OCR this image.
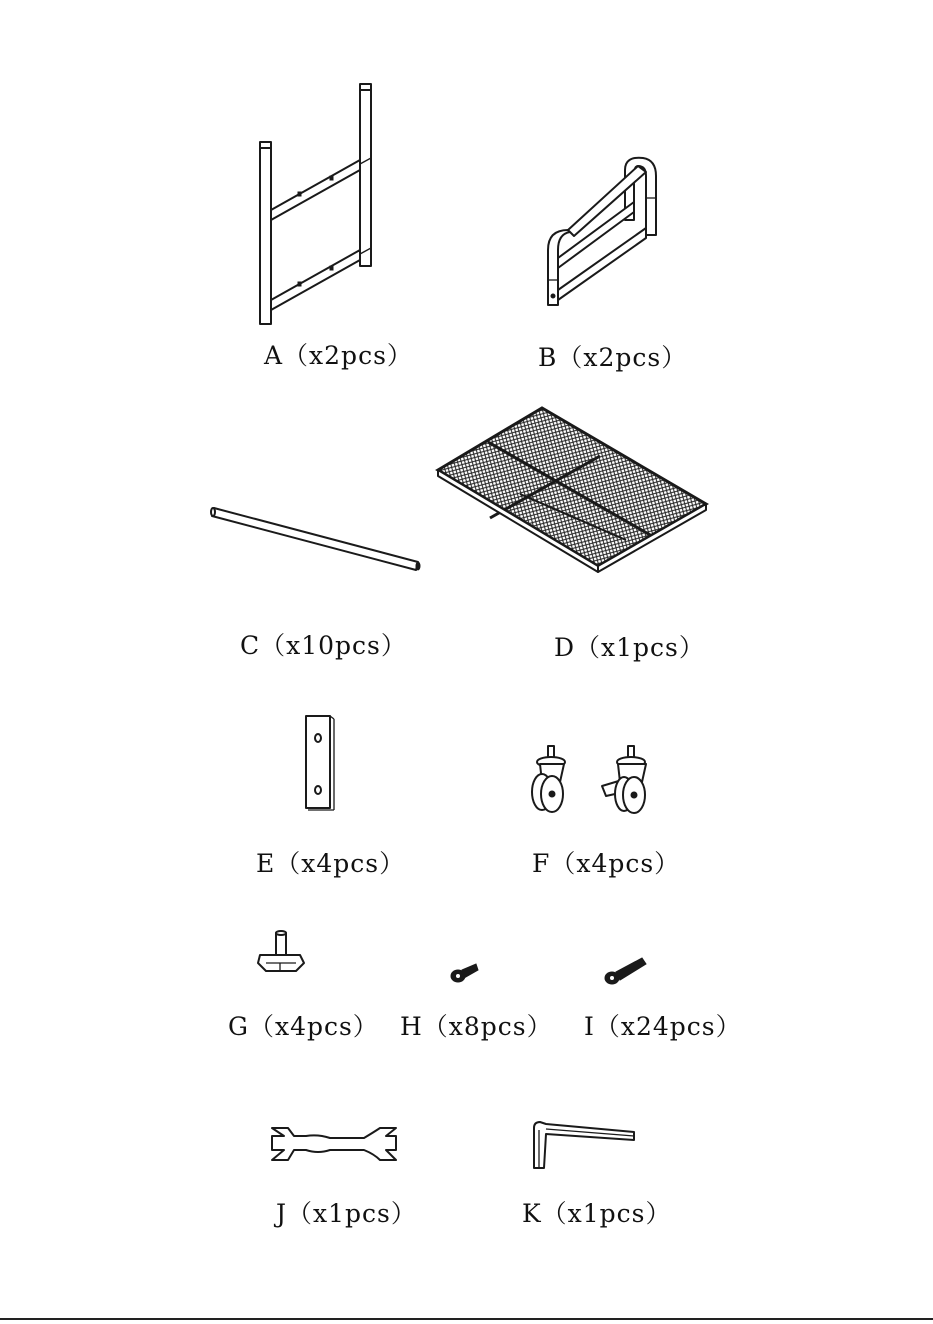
A（x2pcs）	B（x2pcs）
C（x10pcs）	D（x1pcs）
E（x4pcs）	F（x4pcs）
G（x4pcs） H（x8pcs） I（x24pcs）
J（x1pcs）	K（x1pcs）
